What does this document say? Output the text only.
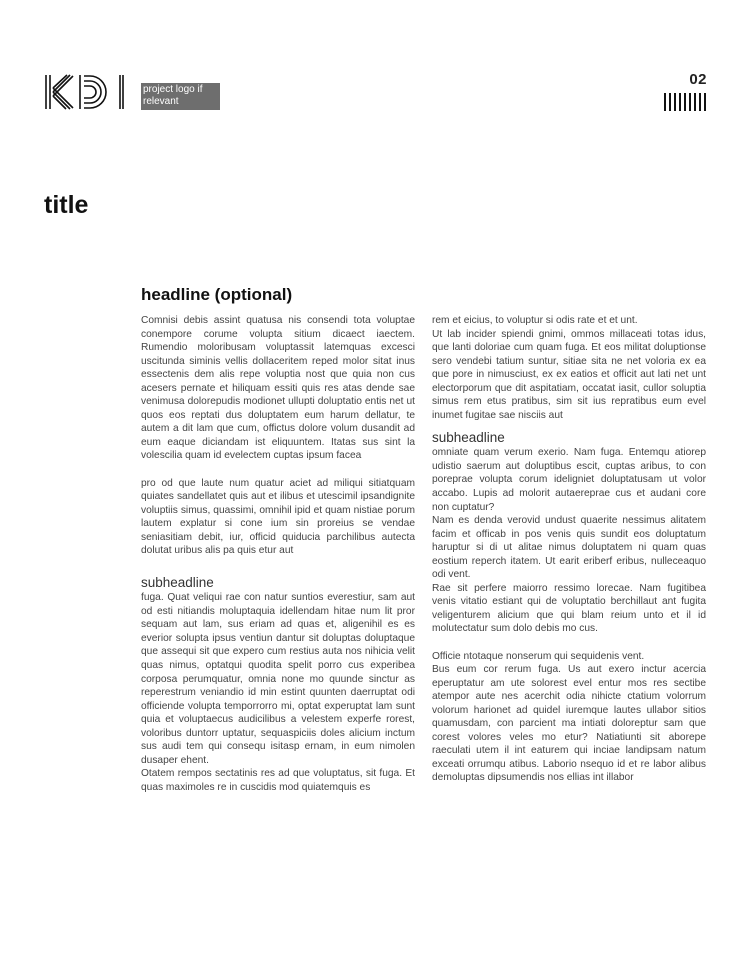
project logo if relevant
02
title
headline (optional)

Comnisi debis assint quatusa nis consendi tota voluptae conempore corume volupta sitium dicaect iaectem. Rumendio moloribusam voluptassit latemquas excesci uscitunda siminis vellis dollaceritem reped molor sitat inus essectenis dem alis repe voluptia nost que quia non cus acesers pernate et hiliquam essiti quis res atas dende sae venimusa dolorepudis modionet ullupti doluptatio entis net ut quos eos reptati dus doluptatem eum harum dellatur, te autem a dit lam que cum, offictus dolore volum dusandit ad eum eaque diciandam ist eliquuntem. Itatas sus sint la volescilia quam id evelectem cuptas ipsum facea

pro od que laute num quatur aciet ad miliqui sitiatquam quiates sandellatet quis aut et ilibus et utescimil ipsandignite voluptiis simus, quassimi, omnihil ipid et quam nistiae porum lautem explatur si cone ium sin proreius se vendae seniasitiam debit, iur, officid quiducia parchilibus autecta dolutat uribus alis pa quis etur aut

subheadline

fuga. Quat veliqui rae con natur suntios everestiur, sam aut od esti nitiandis moluptaquia idellendam hitae num lit pror sequam aut lam, sus eriam ad quas et, aligenihil es es everior solupta ipsus ventiun dantur sit doluptas doluptaque que assequi sit que expero cum restius auta nos nihicia velit quas nimus, optatqui quodita spelit porro cus experibea corposa perumquatur, omnia none mo quunde sinctur as reperestrum veniandio id min estint quunten daerruptat odi officiende volupta temporrorro mi, optat experuptat lam sunt quia et voluptaecus audicilibus a velestem experfe rorest, voloribus duntorr uptatur, sequaspiciis doles alicium inctum sus audi tem qui consequ isitasp ernam, in eum nimolen dusaper ehent.

Otatem rempos sectatinis res ad que voluptatus, sit fuga. Et quas maximoles re in cuscidis mod quiatemquis es

rem et eicius, to voluptur si odis rate et et unt.

Ut lab incider spiendi gnimi, ommos millaceati totas idus, que lanti doloriae cum quam fuga. Et eos militat doluptionse sero vendebi tatium suntur, sitiae sita ne net voloria ex ea que pore in nimusciust, ex ex eatios et officit aut lati net unt electorporum que dit aspitatiam, occatat iasit, cullor soluptia simus rem etus pratibus, sim sit ius repratibus eum evel inumet fugitae sae nisciis aut

subheadline

omniate quam verum exerio. Nam fuga. Entemqu atiorep udistio saerum aut doluptibus escit, cuptas aribus, to con poreprae volupta corum ideligniet doluptatusam ut volor accabo. Lupis ad molorit autaereprae cus et audani core non cuptatur?

Nam es denda verovid undust quaerite nessimus alitatem facim et officab in pos venis quis sundit eos doluptatum haruptur si di ut alitae nimus doluptatem ni quam quas eostium reperch itatem. Ut earit eriberf eribus, nulleceaquo odi vent.

Rae sit perfere maiorro ressimo lorecae. Nam fugitibea venis vitatio estiant qui de voluptatio berchillaut ant fugita veligenturem alicium que qui blam reium unto et il id molutectatur sum dolo debis mo cus.

Officie ntotaque nonserum qui sequidenis vent.

Bus eum cor rerum fuga. Us aut exero inctur acercia eperuptatur am ute solorest evel entur mos res sectibe atempor aute nes acerchit odia nihicte ctatium volorrum volorum harionet ad quidel iuremque lautes ullabor sitios quamusdam, con parcient ma intiati doloreptur sam que corest volores veles mo etur? Natiatiunti sit aborepe raeculati utem il int eaturem qui inciae landipsam natum exceati orrumqu atibus. Laborio nsequo id et re labor alibus demoluptas dipsumendis nos ellias int illabor
